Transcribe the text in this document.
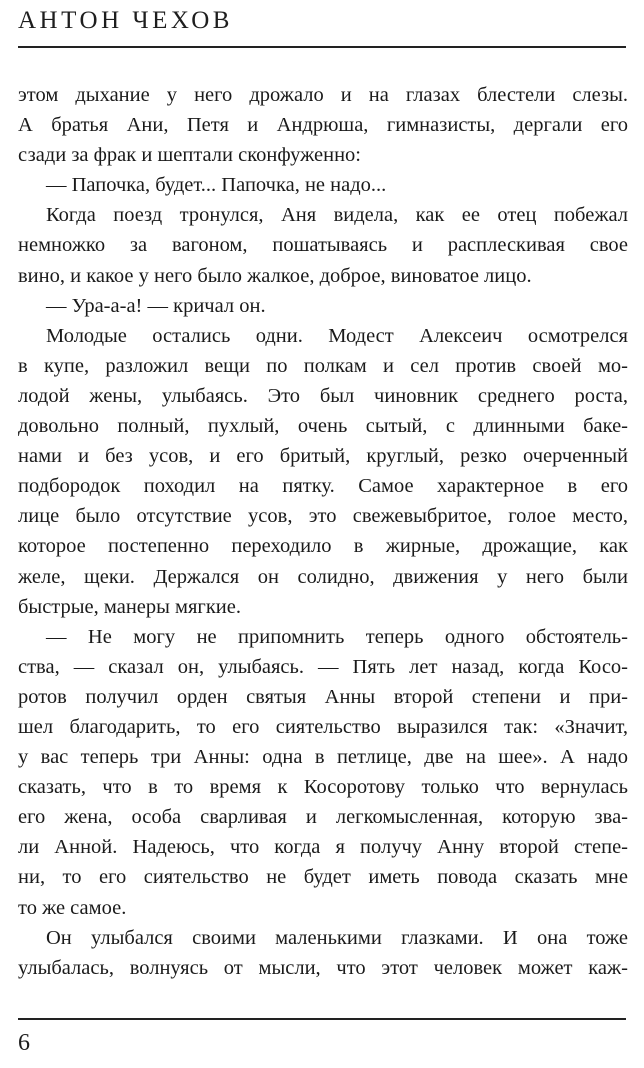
АНТОН ЧЕХОВ
этом дыхание у него дрожало и на глазах блестели слезы.
А братья Ани, Петя и Андрюша, гимназисты, дергали его
сзади за фрак и шептали сконфуженно:
— Папочка, будет... Папочка, не надо...
Когда поезд тронулся, Аня видела, как ее отец побежал
немножко за вагоном, пошатываясь и расплескивая свое
вино, и какое у него было жалкое, доброе, виноватое лицо.
— Ура-а-а! — кричал он.
Молодые остались одни. Модест Алексеич осмотрелся
в купе, разложил вещи по полкам и сел против своей мо-
лодой жены, улыбаясь. Это был чиновник среднего роста,
довольно полный, пухлый, очень сытый, с длинными баке-
нами и без усов, и его бритый, круглый, резко очерченный
подбородок походил на пятку. Самое характерное в его
лице было отсутствие усов, это свежевыбритое, голое место,
которое постепенно переходило в жирные, дрожащие, как
желе, щеки. Держался он солидно, движения у него были
быстрые, манеры мягкие.
— Не могу не припомнить теперь одного обстоятель-
ства, — сказал он, улыбаясь. — Пять лет назад, когда Косо-
ротов получил орден святыя Анны второй степени и при-
шел благодарить, то его сиятельство выразился так: «Значит,
у вас теперь три Анны: одна в петлице, две на шее». А надо
сказать, что в то время к Косоротову только что вернулась
его жена, особа сварливая и легкомысленная, которую зва-
ли Анной. Надеюсь, что когда я получу Анну второй степе-
ни, то его сиятельство не будет иметь повода сказать мне
то же самое.
Он улыбался своими маленькими глазками. И она тоже
улыбалась, волнуясь от мысли, что этот человек может каж-
6
